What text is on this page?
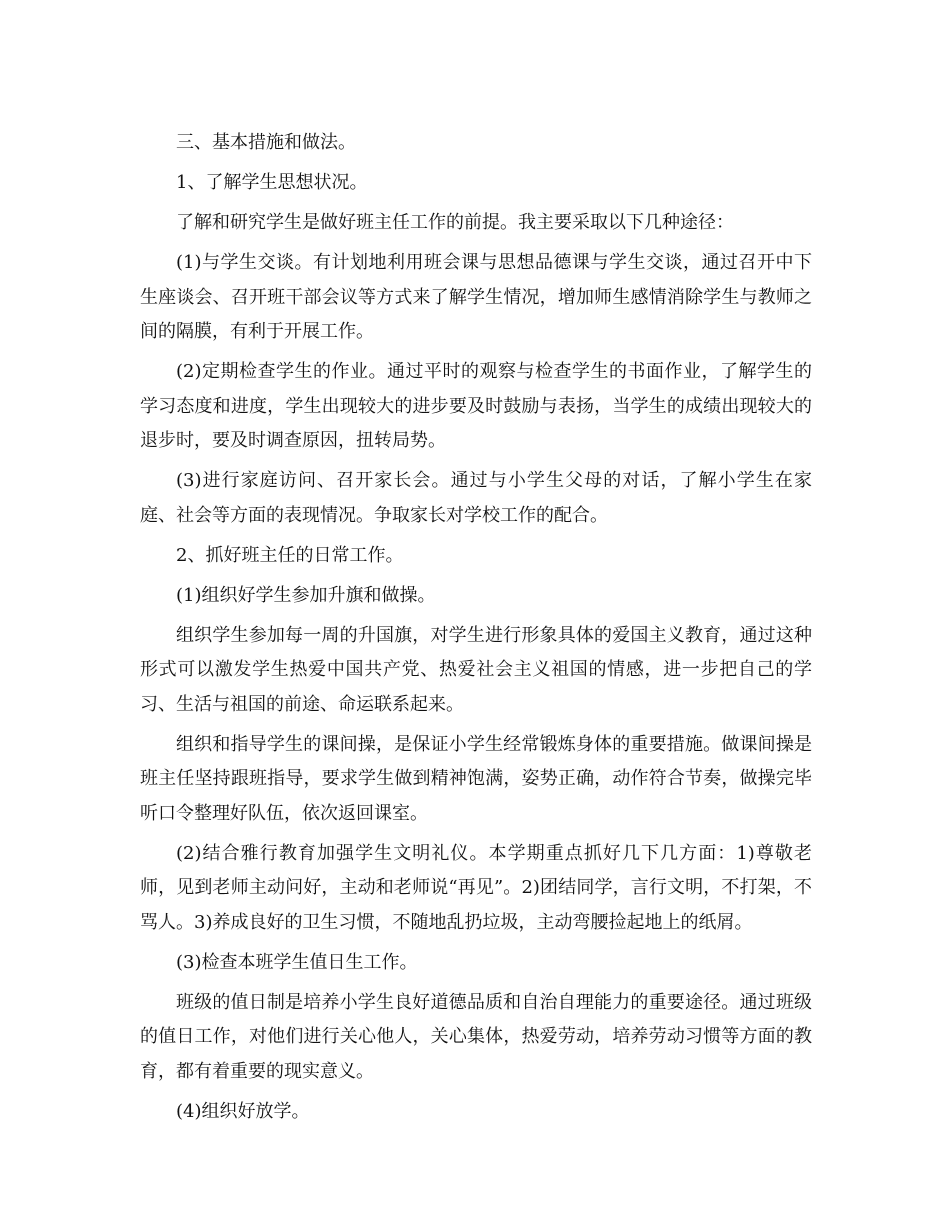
三、基本措施和做法。

1、了解学生思想状况。

了解和研究学生是做好班主任工作的前提。我主要采取以下几种途径：

(1)与学生交谈。有计划地利用班会课与思想品德课与学生交谈，通过召开中下生座谈会、召开班干部会议等方式来了解学生情况，增加师生感情消除学生与教师之间的隔膜，有利于开展工作。

(2)定期检查学生的作业。通过平时的观察与检查学生的书面作业，了解学生的学习态度和进度，学生出现较大的进步要及时鼓励与表扬，当学生的成绩出现较大的退步时，要及时调查原因，扭转局势。

(3)进行家庭访问、召开家长会。通过与小学生父母的对话，了解小学生在家庭、社会等方面的表现情况。争取家长对学校工作的配合。

2、抓好班主任的日常工作。

(1)组织好学生参加升旗和做操。

组织学生参加每一周的升国旗，对学生进行形象具体的爱国主义教育，通过这种形式可以激发学生热爱中国共产党、热爱社会主义祖国的情感，进一步把自己的学习、生活与祖国的前途、命运联系起来。

组织和指导学生的课间操，是保证小学生经常锻炼身体的重要措施。做课间操是班主任坚持跟班指导，要求学生做到精神饱满，姿势正确，动作符合节奏，做操完毕听口令整理好队伍，依次返回课室。

(2)结合雅行教育加强学生文明礼仪。本学期重点抓好几下几方面：1)尊敬老师，见到老师主动问好，主动和老师说“再见”。2)团结同学，言行文明，不打架，不骂人。3)养成良好的卫生习惯，不随地乱扔垃圾，主动弯腰捡起地上的纸屑。

(3)检查本班学生值日生工作。

班级的值日制是培养小学生良好道德品质和自治自理能力的重要途径。通过班级的值日工作，对他们进行关心他人，关心集体，热爱劳动，培养劳动习惯等方面的教育，都有着重要的现实意义。

(4)组织好放学。
